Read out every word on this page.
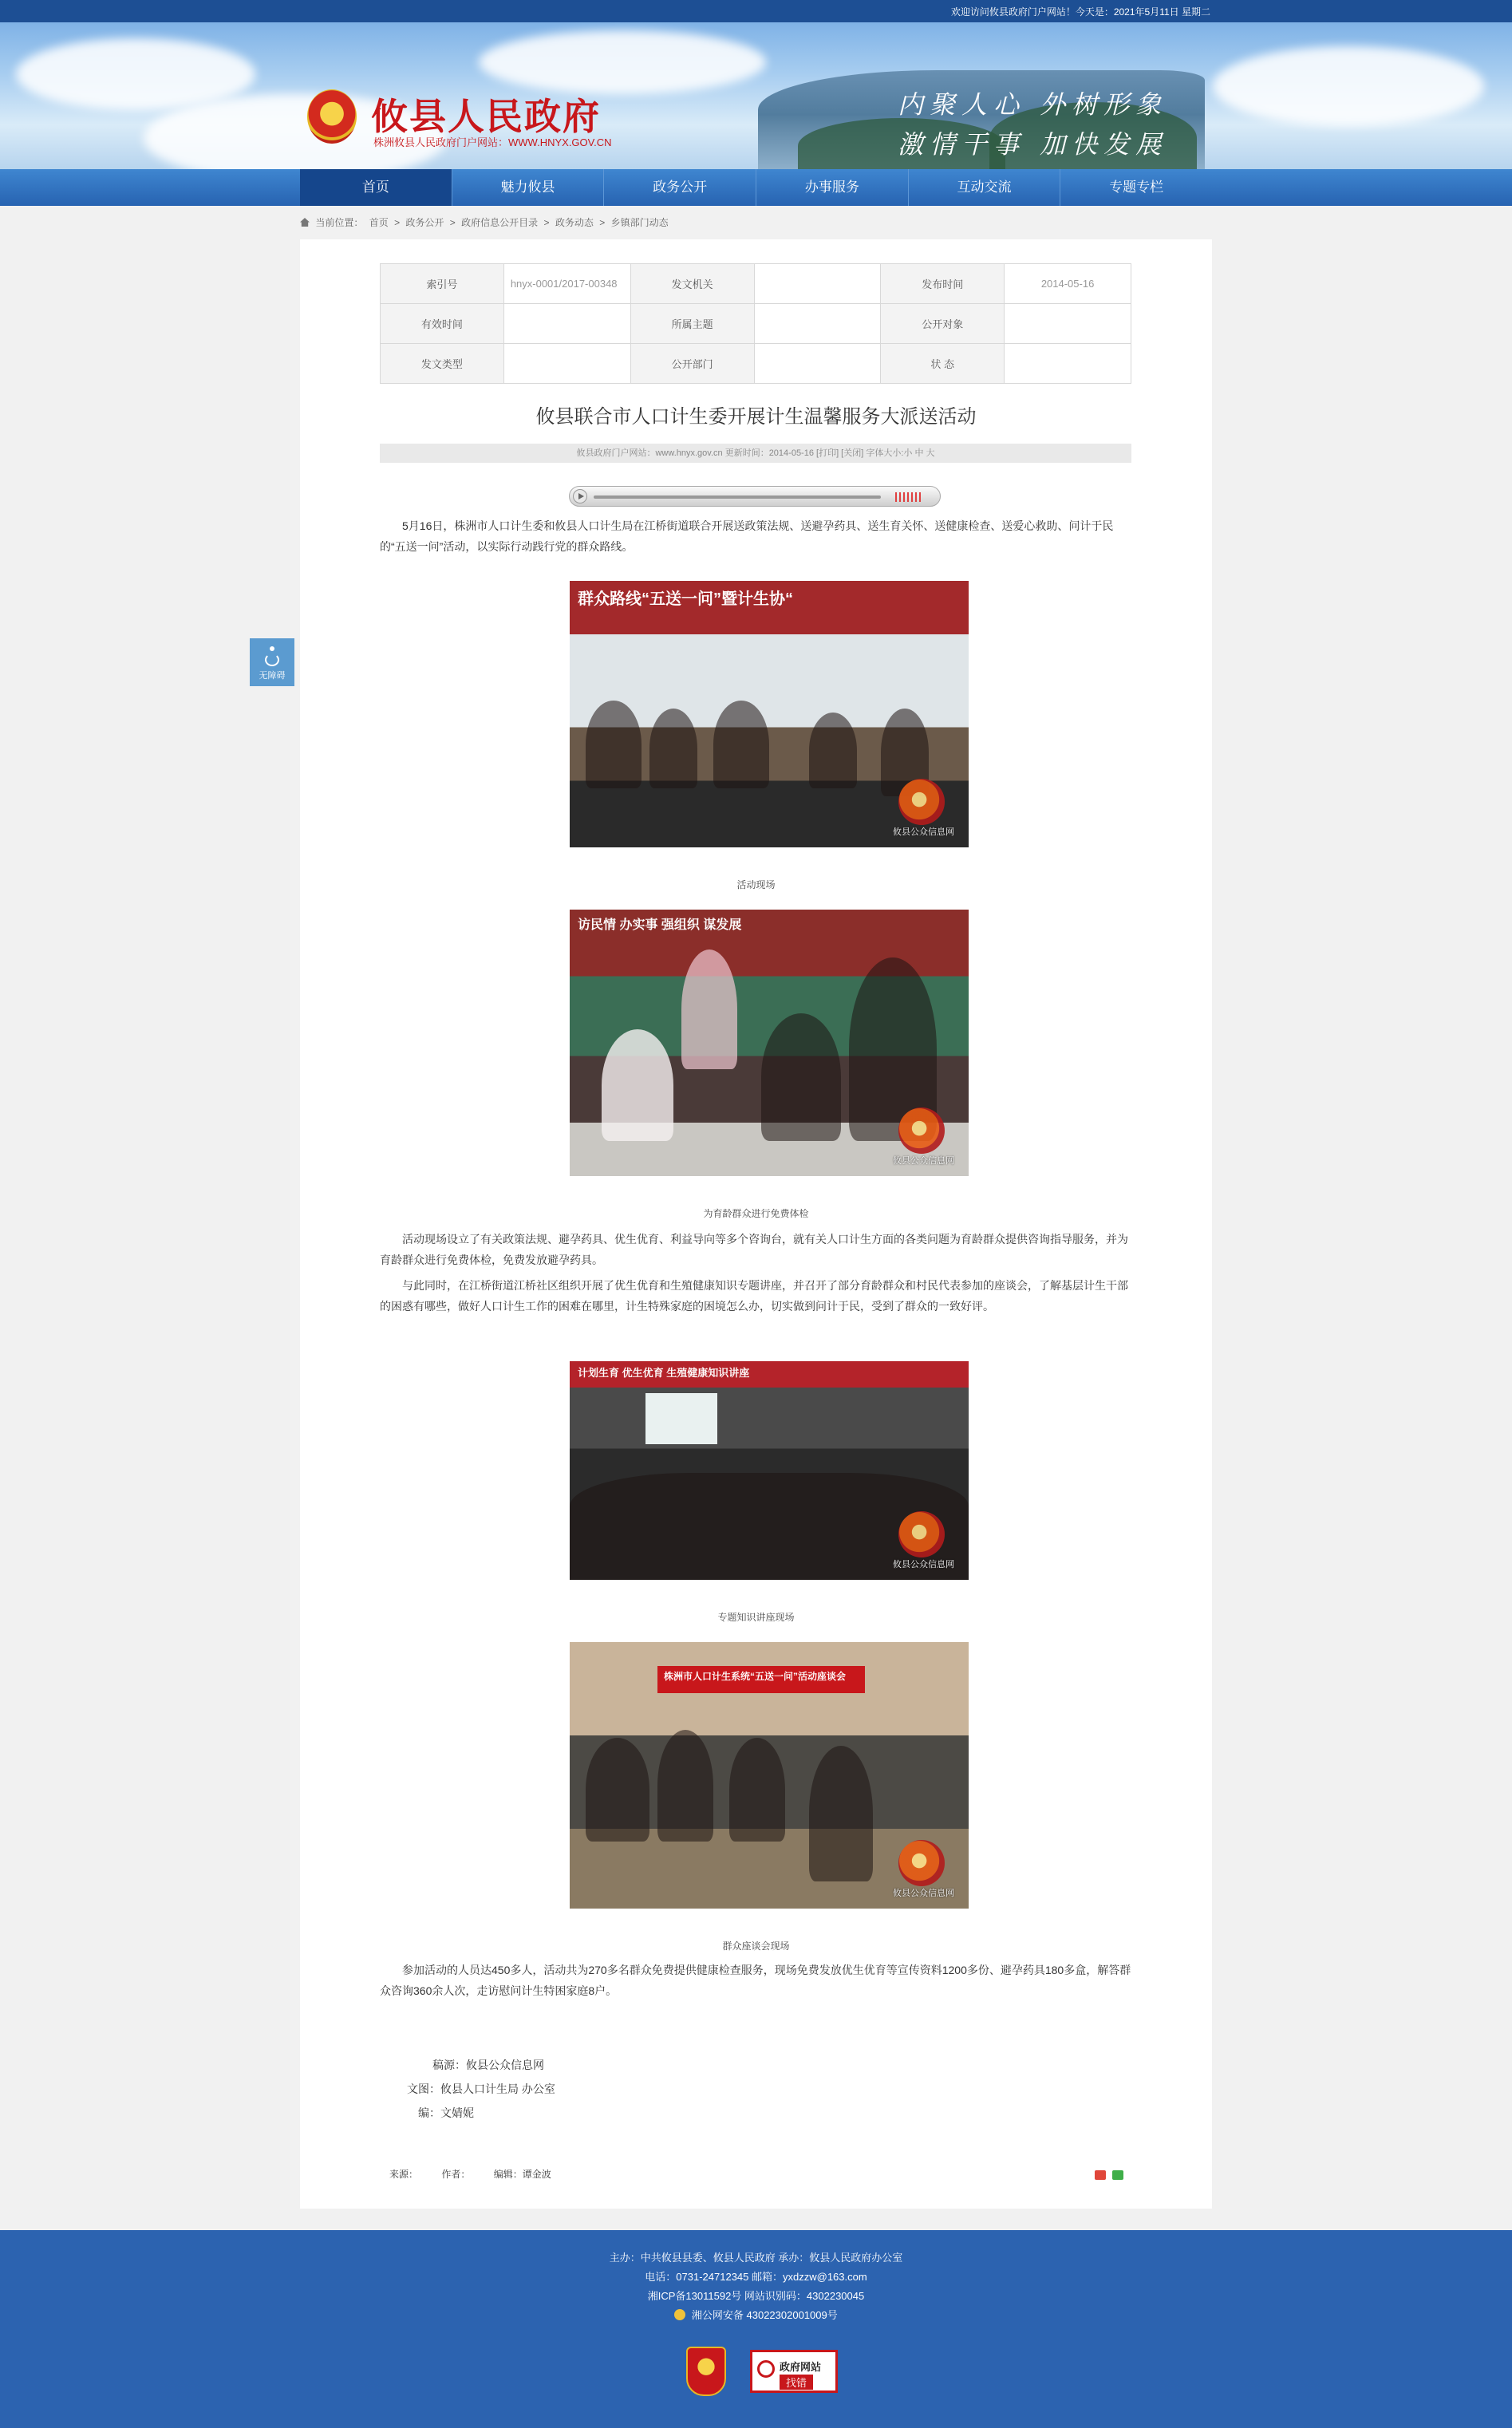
欢迎访问攸县政府门户网站！今天是：2021年5月11日 星期二
攸县人民政府
株洲攸县人民政府门户网站：WWW.HNYX.GOV.CN
内聚人心 外树形象
激情干事 加快发展
首页	魅力攸县	政务公开	办事服务	互动交流	专题专栏
当前位置： 首页 > 政务公开 > 政府信息公开目录 > 政务动态 > 乡镇部门动态
无障碍
索引号	hnyx-0001/2017-00348	发文机关		发布时间	2014-05-16
有效时间		所属主题		公开对象	
发文类型		公开部门		状 态	
攸县联合市人口计生委开展计生温馨服务大派送活动
攸县政府门户网站：www.hnyx.gov.cn 更新时间：2014-05-16 [打印] [关闭] 字体大小:小 中 大
5月16日，株洲市人口计生委和攸县人口计生局在江桥街道联合开展送政策法规、送避孕药具、送生育关怀、送健康检查、送爱心救助、问计于民的“五送一问”活动，以实际行动践行党的群众路线。
群众路线“五送一问”暨计生协“
攸县公众信息网
活动现场
访民情 办实事 强组织 谋发展
攸县公众信息网
为育龄群众进行免费体检
活动现场设立了有关政策法规、避孕药具、优生优育、利益导向等多个咨询台，就有关人口计生方面的各类问题为育龄群众提供咨询指导服务，并为育龄群众进行免费体检，免费发放避孕药具。
与此同时，在江桥街道江桥社区组织开展了优生优育和生殖健康知识专题讲座，并召开了部分育龄群众和村民代表参加的座谈会，了解基层计生干部的困惑有哪些，做好人口计生工作的困难在哪里，计生特殊家庭的困境怎么办，切实做到问计于民，受到了群众的一致好评。
计划生育 优生优育 生殖健康知识讲座
攸县公众信息网
专题知识讲座现场
株洲市人口计生系统“五送一问”活动座谈会
攸县公众信息网
群众座谈会现场
参加活动的人员达450多人，活动共为270多名群众免费提供健康检查服务，现场免费发放优生优育等宣传资料1200多份、避孕药具180多盒，解答群众咨询360余人次，走访慰问计生特困家庭8户。
稿源：攸县公众信息网
文图：攸县人口计生局 办公室
编：文婧妮
来源： 作者： 编辑：谭金波
主办：中共攸县县委、攸县人民政府 承办：攸县人民政府办公室
电话：0731-24712345 邮箱：yxdzzw@163.com
湘ICP备13011592号 网站识别码：4302230045
湘公网安备 43022302001009号
政府网站
找错
